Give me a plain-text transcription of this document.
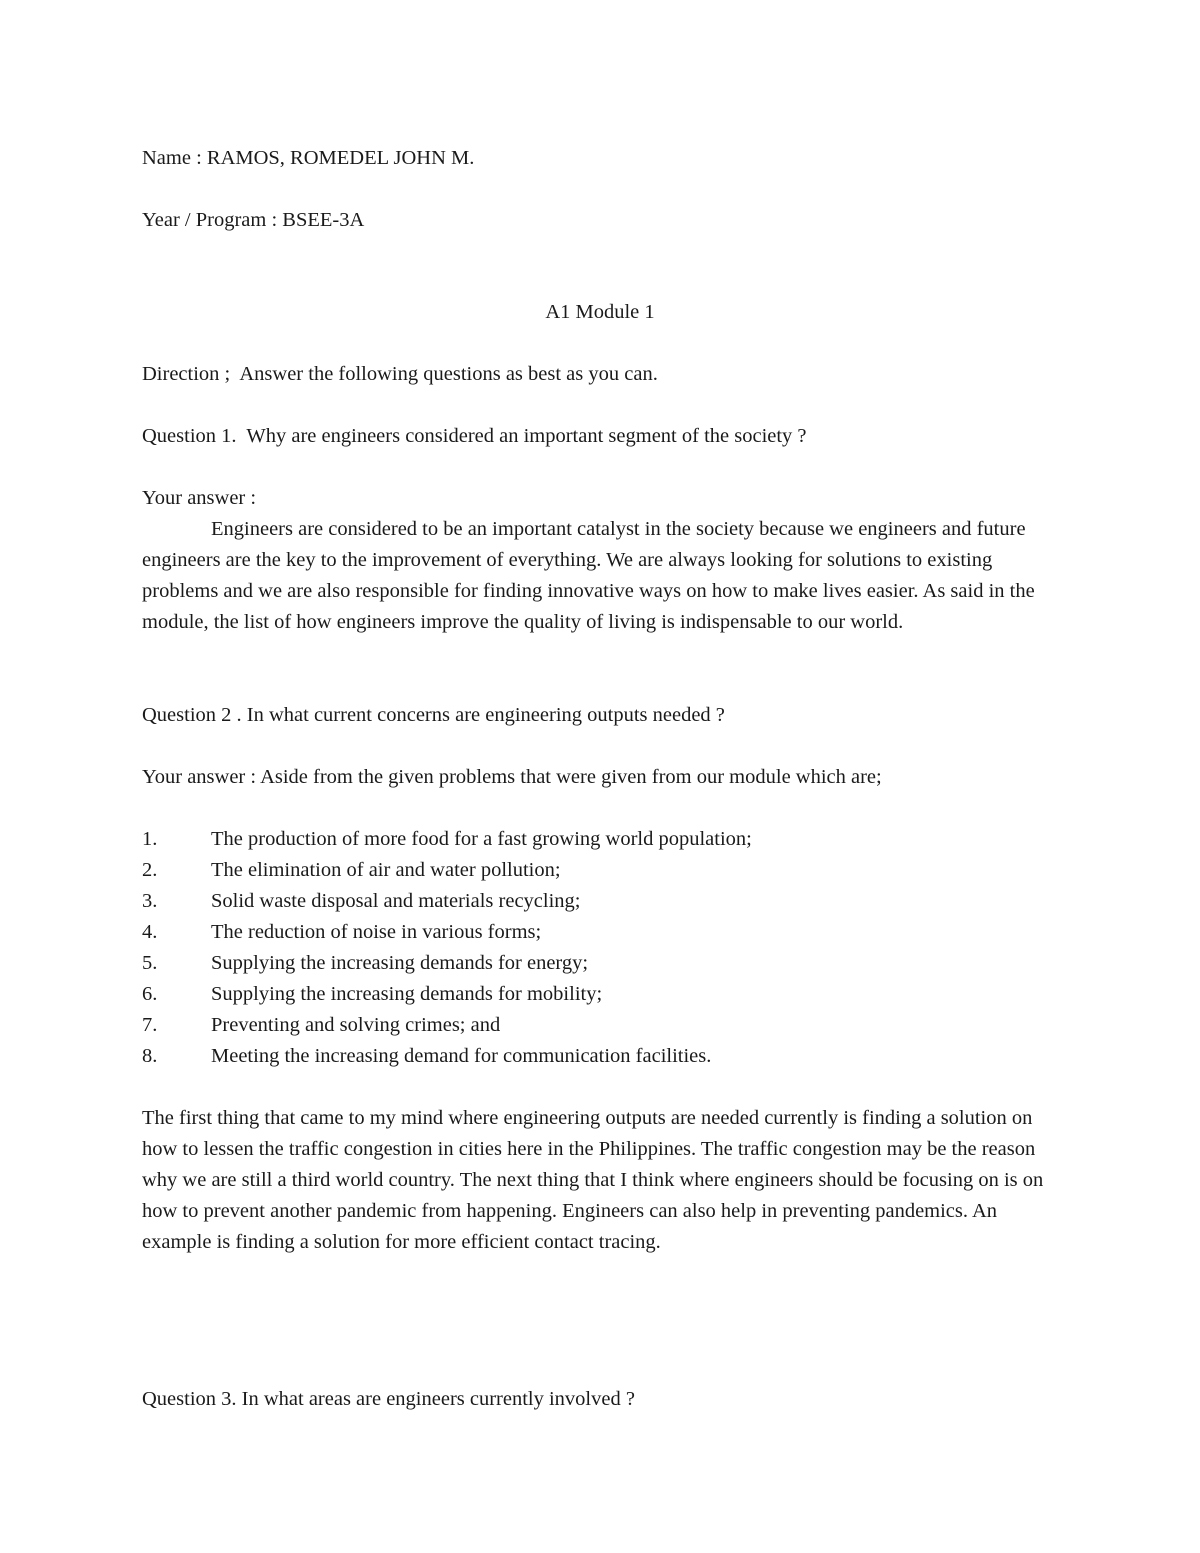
Name : RAMOS, ROMEDEL JOHN M.
Year / Program : BSEE-3A
A1 Module 1
Direction ;  Answer the following questions as best as you can.
Question 1.  Why are engineers considered an important segment of the society ?
Your answer :

Engineers are considered to be an important catalyst in the society because we engineers and future engineers are the key to the improvement of everything. We are always looking for solutions to existing problems and we are also responsible for finding innovative ways on how to make lives easier. As said in the module, the list of how engineers improve the quality of living is indispensable to our world.

Question 2 . In what current concerns are engineering outputs needed ?
Your answer : Aside from the given problems that were given from our module which are;
1.	The production of more food for a fast growing world population;
2.	The elimination of air and water pollution;
3.	Solid waste disposal and materials recycling;
4.	The reduction of noise in various forms;
5.	Supplying the increasing demands for energy;
6.	Supplying the increasing demands for mobility;
7.	Preventing and solving crimes; and
8.	Meeting the increasing demand for communication facilities.

The first thing that came to my mind where engineering outputs are needed currently is finding a solution on how to lessen the traffic congestion in cities here in the Philippines. The traffic congestion may be the reason why we are still a third world country. The next thing that I think where engineers should be focusing on is on how to prevent another pandemic from happening. Engineers can also help in preventing pandemics. An example is finding a solution for more efficient contact tracing.

Question 3. In what areas are engineers currently involved ?
